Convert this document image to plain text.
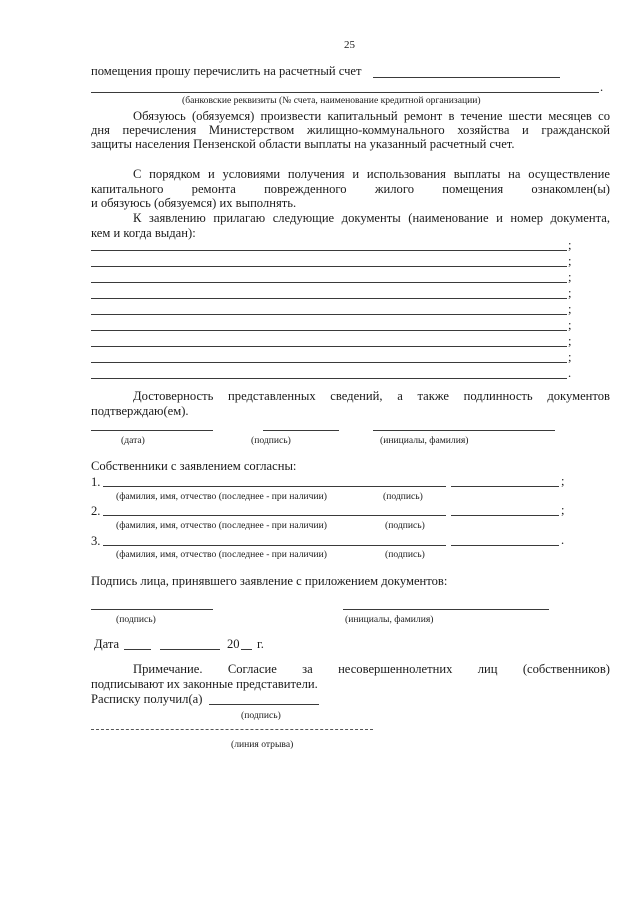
25
помещения прошу перечислить на расчетный счет
.
(банковские реквизиты (№ счета, наименование кредитной организации)
Обязуюсь (обязуемся) произвести капитальный ремонт в течение шести месяцев со
дня перечисления Министерством жилищно-коммунального хозяйства и гражданской
защиты населения Пензенской области выплаты на указанный расчетный счет.
С порядком и условиями получения и использования выплаты на осуществление
капитального ремонта поврежденного жилого помещения ознакомлен(ы)
и обязуюсь (обязуемся) их выполнять.
К заявлению прилагаю следующие документы (наименование и номер документа,
кем и когда выдан):
;
;
;
;
;
;
;
;
.
Достоверность представленных сведений, а также подлинность документов
подтверждаю(ем).
(дата)	(подпись)	(инициалы, фамилия)
Собственники с заявлением согласны:
1.	;
(фамилия, имя, отчество (последнее - при наличии)	(подпись)
2.	;
(фамилия, имя, отчество (последнее - при наличии)	(подпись)
3.	.
(фамилия, имя, отчество (последнее - при наличии)	(подпись)
Подпись лица, принявшего заявление с приложением документов:
(подпись)	(инициалы, фамилия)
Дата	20 г.
Примечание. Согласие за несовершеннолетних лиц (собственников)
подписывают их законные представители.
Расписку получил(а)
(подпись)
(линия отрыва)
